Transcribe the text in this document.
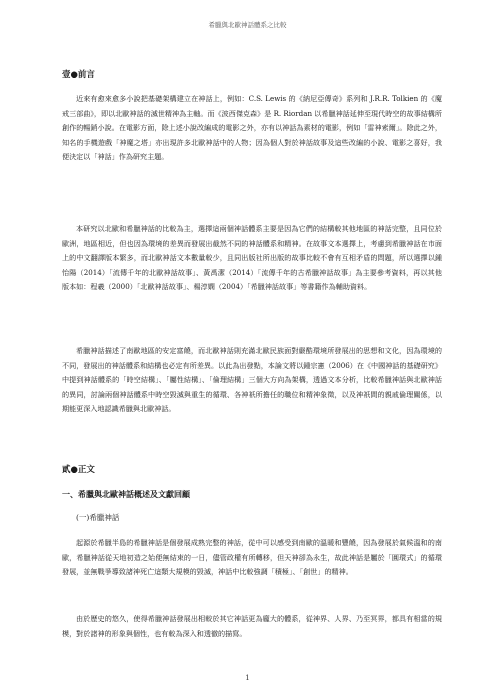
希臘與北歐神話體系之比較
壹●前言

近來有愈來愈多小說把基礎架構建立在神話上，例如：C.S. Lewis 的《納尼亞傳奇》系列和 J.R.R. Tolkien 的《魔戒三部曲》，即以北歐神話的滅世精神為主軸。而《波西傑克森》是 R. Riordan 以希臘神話延伸至現代時空的故事結構所創作的暢銷小說。在電影方面，除上述小說改編成的電影之外，亦有以神話為素材的電影，例如「雷神索爾」。除此之外，知名的手機遊戲「神魔之塔」亦出現許多北歐神話中的人物；因為個人對於神話故事及這些改編的小說、電影之喜好，我便決定以「神話」作為研究主題。

本研究以北歐和希臘神話的比較為主，選擇這兩個神話體系主要是因為它們的結構較其他地區的神話完整，且同位於歐洲，地區相近，但也因為環境的差異而發展出截然不同的神話體系和精神。在故事文本選擇上，考慮到希臘神話在市面上的中文翻譯版本繁多，而北歐神話文本數量較少，且同出版社所出版的故事比較不會有互相矛盾的問題，所以選擇以鍾怡陽（2014）「流傳千年的北歐神話故事」、黃禹潔（2014）「流傳千年的古希臘神話故事」為主要參考資料，再以其他版本如：程羲（2000）「北歐神話故事」、楊淳嫻（2004）「希臘神話故事」等書籍作為輔助資料。

希臘神話描述了南歐地區的安定富饒，而北歐神話則充滿北歐民族面對嚴酷環境所發展出的思想和文化，因為環境的不同，發展出的神話體系和結構也必定有所差異。以此為出發點，本論文將以鍾宗憲（2006）在《中國神話的基礎研究》中提到神話體系的「時空結構」、「屬性結構」、「倫理結構」三個大方向為架構，透過文本分析，比較希臘神話與北歐神話的異同，討論兩個神話體系中時空毀滅與重生的循環、各神祇所擔任的職位和精神象徵，以及神祇間的親戚倫理關係，以期能更深入地認識希臘與北歐神話。

貳●正文
一、希臘與北歐神話概述及文獻回顧
(一)希臘神話

起源於希臘半島的希臘神話是個發展成熟完整的神話，從中可以感受到南歐的溫暖和豐饒，因為發展於氣候溫和的南歐，希臘神話從天地初造之始便無結束的一日，儘管政權有所轉移，但天神卻為永生，故此神話是屬於「圓環式」的循環發展，並無戰爭導致諸神死亡這類大規模的毀滅，神話中比較強調「積極」、「創世」的精神。

由於歷史的悠久，使得希臘神話發展出相較於其它神話更為龐大的體系，從神界、人界、乃至冥界，都具有相當的規模，對於諸神的形象與個性，也有較為深入和透徹的描寫。

1
